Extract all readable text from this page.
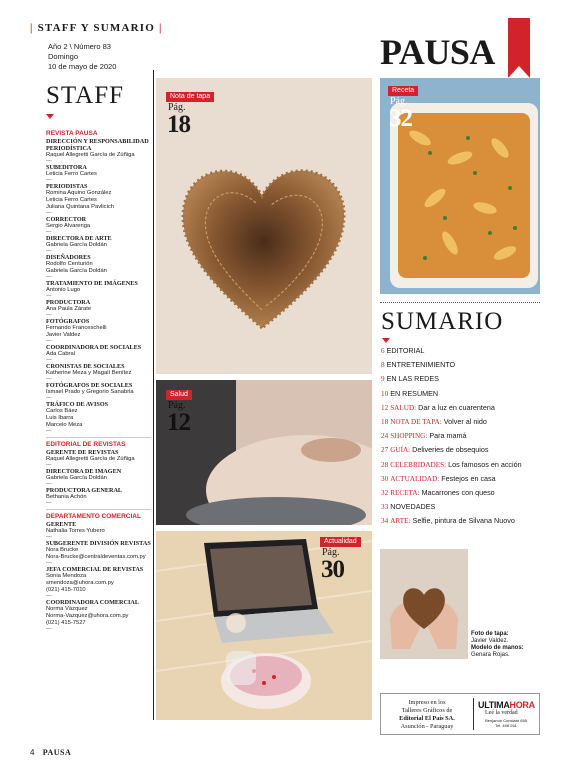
| STAFF Y SUMARIO |
Año 2 \ Número 83
Domingo
10 de mayo de 2020	PAUSA
STAFF
REVISTA PAUSA
DIRECCIÓN Y RESPONSABILIDAD PERIODÍSTICA
Raquel Allegretti García de Zúñiga
—
SUBEDITORA
Leticia Ferro Cartes
—
PERIODISTAS
Romina Aquino González
Leticia Ferro Cartes
Juliana Quintana Pavlicich
—
CORRECTOR
Sergio Alvarenga
—
DIRECTORA DE ARTE
Gabriela García Doldán
—
DISEÑADORES
Rodolfo Centurión
Gabriela García Doldán
—
TRATAMIENTO DE IMÁGENES
Antonio Lugo
—
PRODUCTORA
Ana Paula Zárate
—
FOTÓGRAFOS
Fernando Franceschelli
Javier Valdez
—
COORDINADORA DE SOCIALES
Ada Cabral
—
CRONISTAS DE SOCIALES
Katherine Meza y Magalí Benítez
—
FOTÓGRAFOS DE SOCIALES
Ismael Prado y Gregorio Sanabria
—
TRÁFICO DE AVISOS
Carlos Báez
Luis Ibarra
Marcelo Meza
—
EDITORIAL DE REVISTAS
GERENTE DE REVISTAS
Raquel Allegretti García de Zúñiga
—
DIRECTORA DE IMAGEN
Gabriela García Doldán
—
PRODUCTORA GENERAL
Bethania Achón
—
DEPARTAMENTO COMERCIAL
GERENTE
Nathalia Torres Yubero
—
SUBGERENTE DIVISIÓN REVISTAS
Nora Brucke
Nora-Brucke@centraldeventas.com.py
—
JEFA COMERCIAL DE REVISTAS
Sonia Mendoza
smendoza@uhora.com.py
(021) 415-7010
—
COORDINADORA COMERCIAL
Norma Vázquez
Norma-Vazquez@uhora.com.py
(021) 415-7527
—
Nota de tapa
Pág.
18
Receta
Pág.
32
Salud
Pág.
12
Actualidad
Pág.
30
SUMARIO
6 EDITORIAL
8 ENTRETENIMIENTO
9 EN LAS REDES
10 EN RESUMEN
12 SALUD: Dar a luz en cuarentena
18 NOTA DE TAPA: Volver al nido
24 SHOPPING: Para mamá
27 GUÍA: Deliveries de obsequios
28 CELEBRIDADES: Los famosos en acción
30 ACTUALIDAD: Festejos en casa
32 RECETA: Macarrones con queso
33 NOVEDADES
34 ARTE: Selfie, pintura de Silvana Nuovo
Foto de tapa:
Javier Valdez.
Modelo de manos:
Genara Rojas.
Impreso en los
Talleres Gráficos de
Editorial El País SA.
Asunción - Paraguay
ULTIMAHORA
Leé la verdad
Benjamín Constant 658
Tel. 496 261
4 PAUSA
